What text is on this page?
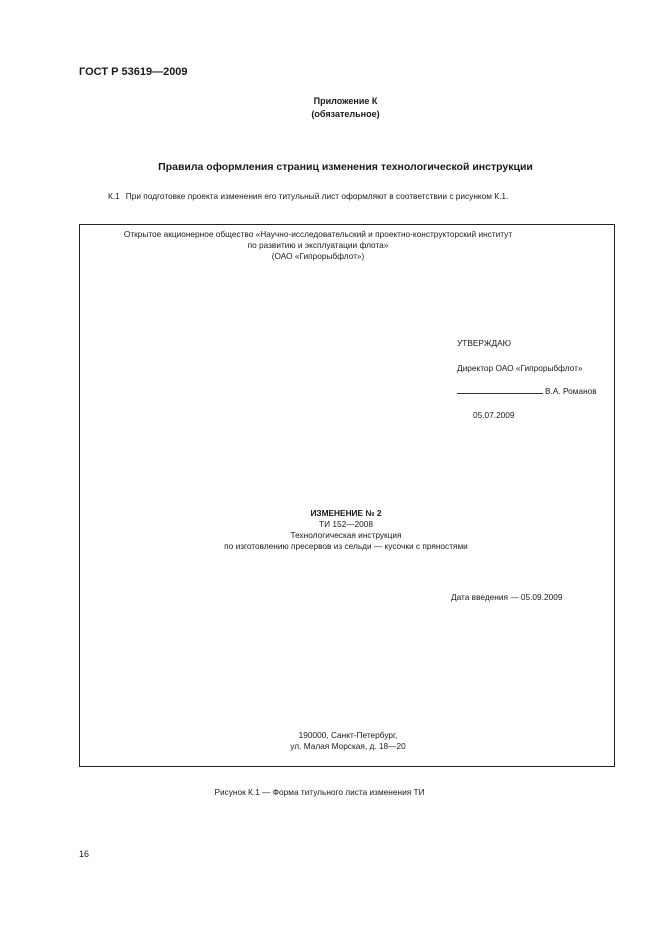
ГОСТ Р 53619—2009
Приложение К
(обязательное)
Правила оформления страниц изменения технологической инструкции
К.1 При подготовке проекта изменения его титульный лист оформляют в соответствии с рисунком К.1.
Открытое акционерное общество «Научно-исследовательский и проектно-конструкторский институт
по развитию и эксплуатации флота»
(ОАО «Гипрорыбфлот»)
УТВЕРЖДАЮ
Директор ОАО «Гипрорыбфлот»
В.А. Романов
05.07.2009
ИЗМЕНЕНИЕ № 2
ТИ 152—2008
Технологическая инструкция
по изготовлению пресервов из сельди — кусочки с пряностями
Дата введения — 05.09.2009
190000, Санкт-Петербург,
ул. Малая Морская, д. 18—20
Рисунок К.1 — Форма титульного листа изменения ТИ
16
